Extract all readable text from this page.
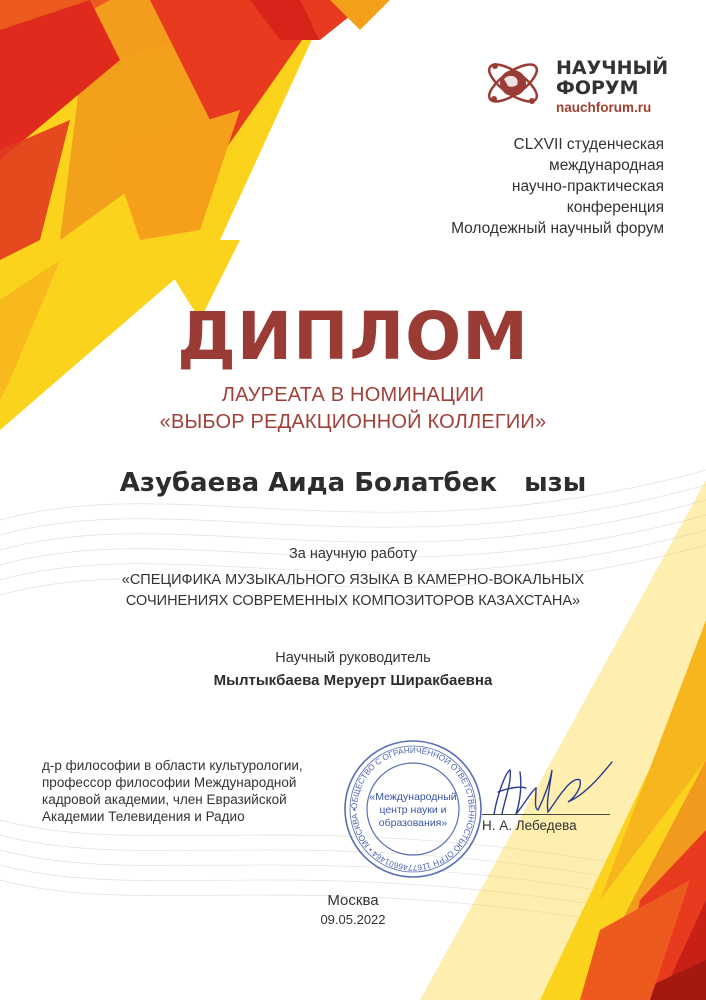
НАУЧНЫЙ
ФОРУМ
nauchforum.ru
CLXVII студенческая
международная
научно-практическая
конференция
Молодежный научный форум
ДИПЛОМ
ЛАУРЕАТА В НОМИНАЦИИ
«ВЫБОР РЕДАКЦИОННОЙ КОЛЛЕГИИ»
Азубаева Аида Болатбек   ызы
За научную работу
«СПЕЦИФИКА МУЗЫКАЛЬНОГО ЯЗЫКА В КАМЕРНО-ВОКАЛЬНЫХ
СОЧИНЕНИЯХ СОВРЕМЕННЫХ КОМПОЗИТОРОВ КАЗАХСТАНА»
Научный руководитель
Мылтыкбаева Меруерт Ширакбаевна
д-р философии в области культурологии,
профессор философии Международной
кадровой академии, член Евразийской
Академии Телевидения и Радио
ОБЩЕСТВО С ОГРАНИЧЕННОЙ ОТВЕТСТВЕННОСТЬЮ ОГРН 1167746601464 • МОСКВА •
«Международный
центр науки и
образования»	Н. А. Лебедева
Москва
09.05.2022
